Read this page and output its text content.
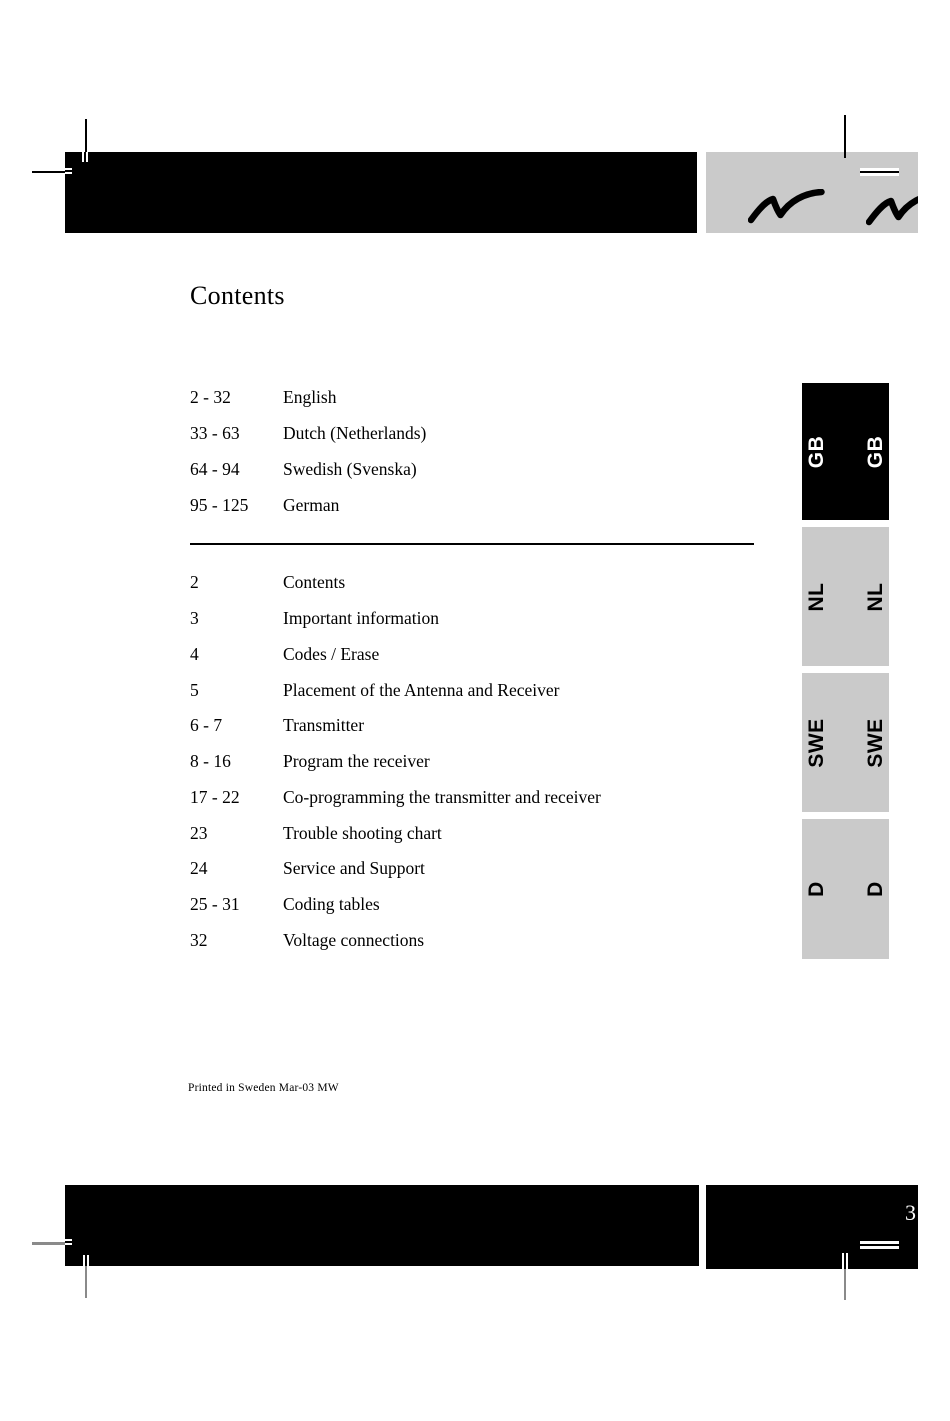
Contents
2 - 32	English
33 - 63	Dutch (Netherlands)
64 - 94	Swedish (Svenska)
95 - 125	German
2	Contents
3	Important information
4	Codes / Erase
5	Placement of the Antenna and Receiver
6 - 7	Transmitter
8 - 16	Program the receiver
17 - 22	Co-programming the transmitter and receiver
23	Trouble shooting chart
24	Service and Support
25 - 31	Coding tables
32	Voltage connections
GB GB
NL NL
SWE SWE
D D
Printed in Sweden Mar-03 MW
3
